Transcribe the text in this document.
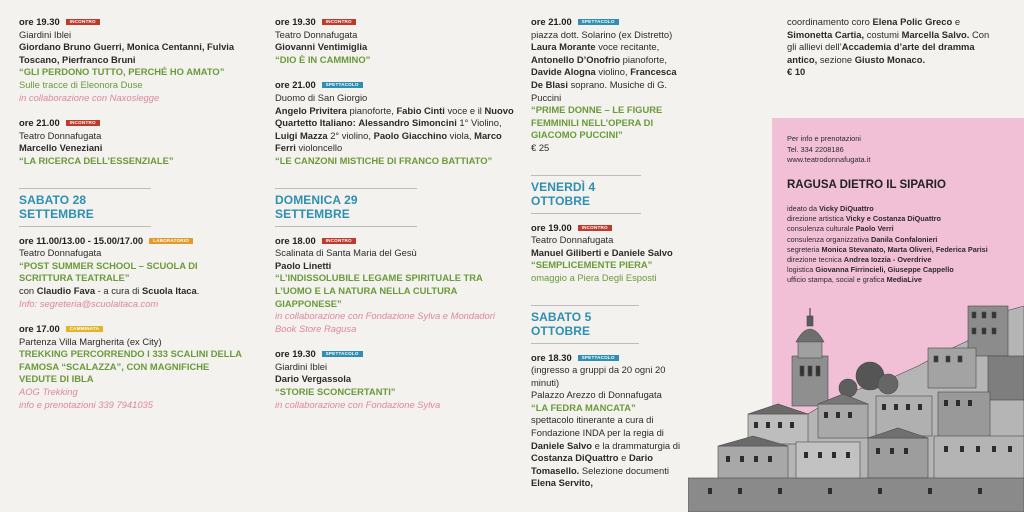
ore 19.30 INCONTRO
Giardini Iblei
Giordano Bruno Guerri, Monica Centanni, Fulvia Toscano, Pierfranco Bruni
“GLI PERDONO TUTTO, PERCHÉ HO AMATO”
Sulle tracce di Eleonora Duse
in collaborazione con Naxoslegge
ore 21.00 INCONTRO
Teatro Donnafugata
Marcello Veneziani
“LA RICERCA DELL’ESSENZIALE”
SABATO 28 SETTEMBRE
ore 11.00/13.00 - 15.00/17.00 LABORATORIO
Teatro Donnafugata
“POST SUMMER SCHOOL – SCUOLA DI SCRITTURA TEATRALE”
con Claudio Fava - a cura di Scuola Itaca.
Info: segreteria@scuolaitaca.com
ore 17.00 CAMMINATA
Partenza Villa Margherita (ex City)
TREKKING PERCORRENDO I 333 SCALINI DELLA FAMOSA “SCALAZZA”, CON MAGNIFICHE VEDUTE DI IBLA
AOG Trekking
info e prenotazioni 339 7941035
ore 19.30 INCONTRO
Teatro Donnafugata
Giovanni Ventimiglia
“DIO È IN CAMMINO”
ore 21.00 SPETTACOLO
Duomo di San Giorgio
Angelo Privitera pianoforte, Fabio Cinti voce e il Nuovo Quartetto Italiano: Alessandro Simoncini 1° Violino, Luigi Mazza 2° violino, Paolo Giacchino viola, Marco Ferri violoncello
“LE CANZONI MISTICHE DI FRANCO BATTIATO”
DOMENICA 29 SETTEMBRE
ore 18.00 INCONTRO
Scalinata di Santa Maria del Gesù
Paolo Linetti
“L’INDISSOLUBILE LEGAME SPIRITUALE TRA L’UOMO E LA NATURA NELLA CULTURA GIAPPONESE”
in collaborazione con Fondazione Sylva e Mondadori Book Store Ragusa
ore 19.30 SPETTACOLO
Giardini Iblei
Dario Vergassola
“STORIE SCONCERTANTI”
in collaborazione con Fondazione Sylva
ore 21.00 SPETTACOLO
piazza dott. Solarino (ex Distretto)
Laura Morante voce recitante, Antonello D’Onofrio pianoforte, Davide Alogna violino, Francesca De Blasi soprano. Musiche di G. Puccini
“PRIME DONNE – LE FIGURE FEMMINILI NELL’OPERA DI GIACOMO PUCCINI”
€ 25
VENERDÌ 4 OTTOBRE
ore 19.00 INCONTRO
Teatro Donnafugata
Manuel Giliberti e Daniele Salvo
“SEMPLICEMENTE PIERA”
omaggio a Piera Degli Esposti
SABATO 5 OTTOBRE
ore 18.30 SPETTACOLO
(ingresso a gruppi da 20 ogni 20 minuti)
Palazzo Arezzo di Donnafugata
“LA FEDRA MANCATA” spettacolo itinerante a cura di Fondazione INDA per la regia di Daniele Salvo e la drammaturgia di Costanza DiQuattro e Dario Tomasello. Selezione documenti Elena Servito,
coordinamento coro Elena Polic Greco e Simonetta Cartia, costumi Marcella Salvo. Con gli allievi dell’Accademia d’arte del dramma antico, sezione Giusto Monaco.
€ 10
Per info e prenotazioni
Tel. 334 2208186
www.teatrodonnafugata.it
RAGUSA DIETRO IL SIPARIO
ideato da Vicky DiQuattro
direzione artistica Vicky e Costanza DiQuattro
consulenza culturale Paolo Verri
consulenza organizzativa Danila Confalonieri
segreteria Monica Stevanato, Marta Oliveri, Federica Parisi
direzione tecnica Andrea Iozzia - Overdrive
logistica Giovanna Firrincieli, Giuseppe Cappello
ufficio stampa, social e grafica MediaLive
